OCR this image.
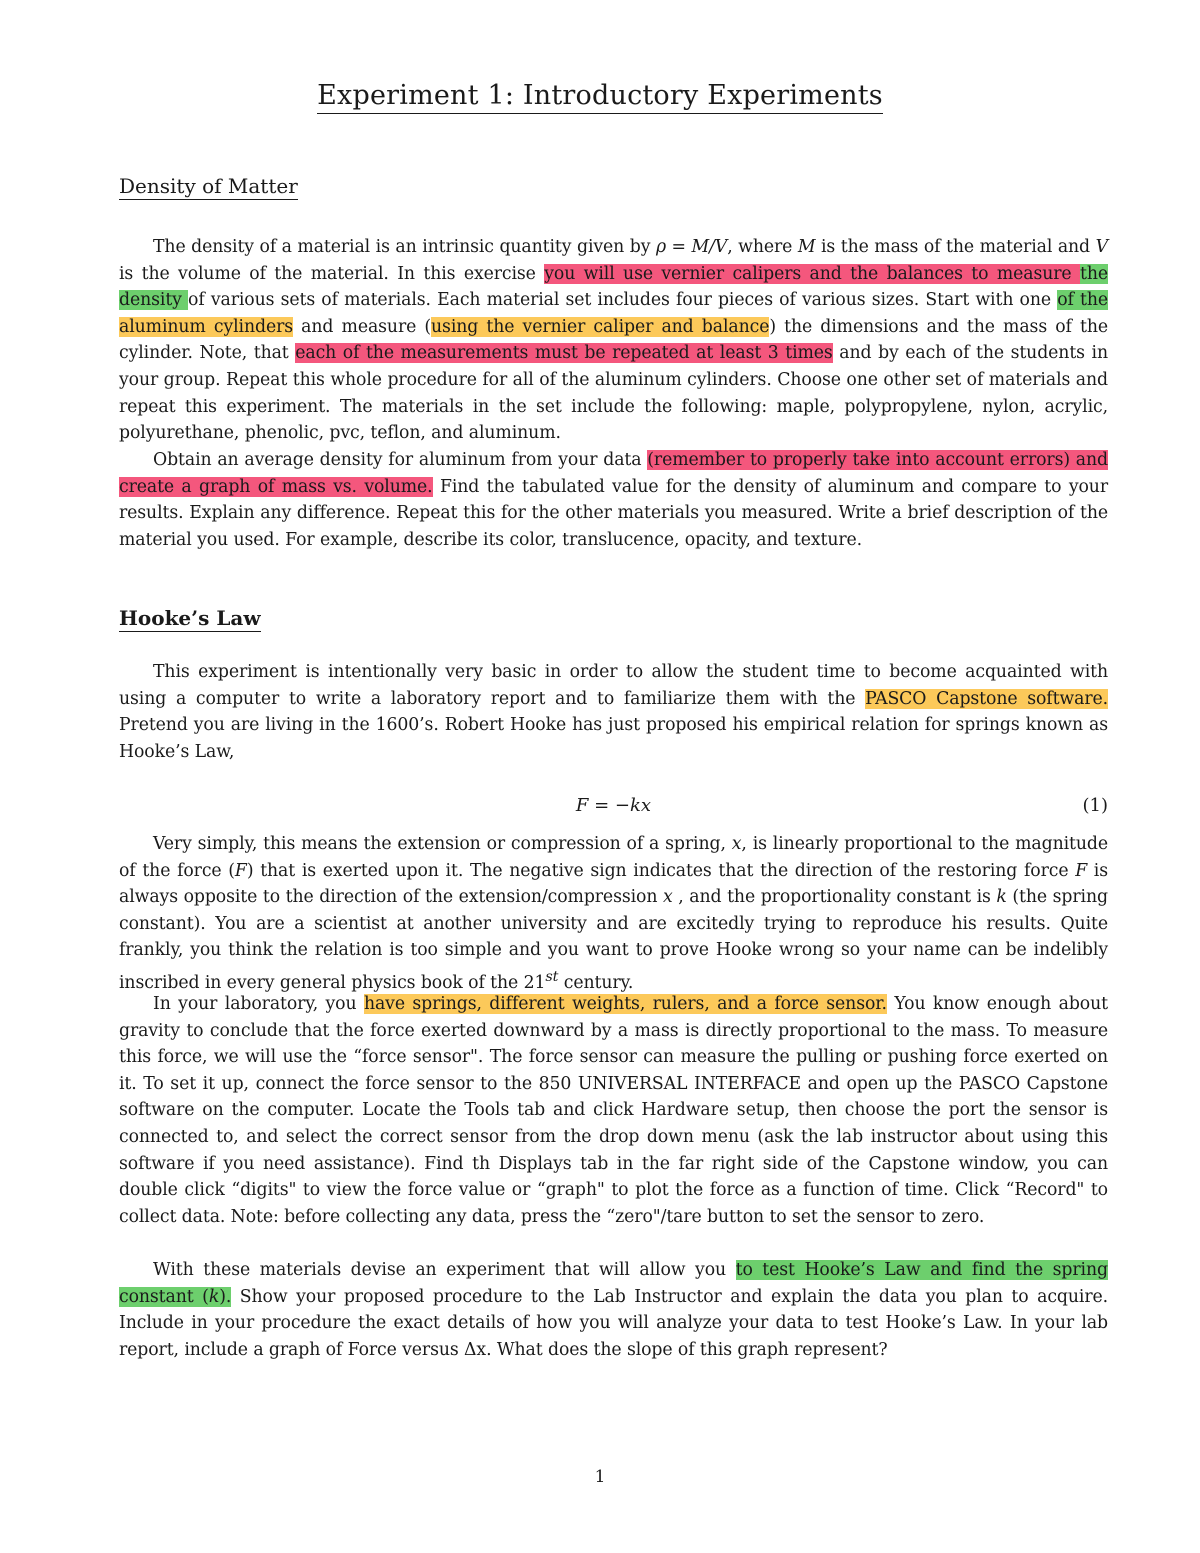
Experiment 1: Introductory Experiments
Density of Matter

The density of a material is an intrinsic quantity given by ρ = M/V, where M is the mass of the material and V is the volume of the material. In this exercise you will use vernier calipers and the balances to measure the density of various sets of materials. Each material set includes four pieces of various sizes. Start with one of the aluminum cylinders and measure (using the vernier caliper and balance) the dimensions and the mass of the cylinder. Note, that each of the measurements must be repeated at least 3 times and by each of the students in your group. Repeat this whole procedure for all of the aluminum cylinders. Choose one other set of materials and repeat this experiment. The materials in the set include the following: maple, polypropylene, nylon, acrylic, polyurethane, phenolic, pvc, teflon, and aluminum.

Obtain an average density for aluminum from your data (remember to properly take into account errors) and create a graph of mass vs. volume. Find the tabulated value for the density of aluminum and compare to your results. Explain any difference. Repeat this for the other materials you measured. Write a brief description of the material you used. For example, describe its color, translucence, opacity, and texture.

Hooke’s Law

This experiment is intentionally very basic in order to allow the student time to become acquainted with using a computer to write a laboratory report and to familiarize them with the PASCO Capstone software. Pretend you are living in the 1600’s. Robert Hooke has just proposed his empirical relation for springs known as Hooke’s Law,

F = −kx	(1)

Very simply, this means the extension or compression of a spring, x, is linearly proportional to the magnitude of the force (F) that is exerted upon it. The negative sign indicates that the direction of the restoring force F is always opposite to the direction of the extension/compression x , and the proportionality constant is k (the spring constant). You are a scientist at another university and are excitedly trying to reproduce his results. Quite frankly, you think the relation is too simple and you want to prove Hooke wrong so your name can be indelibly inscribed in every general physics book of the 21st century.

In your laboratory, you have springs, different weights, rulers, and a force sensor. You know enough about gravity to conclude that the force exerted downward by a mass is directly proportional to the mass. To measure this force, we will use the “force sensor". The force sensor can measure the pulling or pushing force exerted on it. To set it up, connect the force sensor to the 850 UNIVERSAL INTERFACE and open up the PASCO Capstone software on the computer. Locate the Tools tab and click Hardware setup, then choose the port the sensor is connected to, and select the correct sensor from the drop down menu (ask the lab instructor about using this software if you need assistance). Find th Displays tab in the far right side of the Capstone window, you can double click “digits" to view the force value or “graph" to plot the force as a function of time. Click “Record" to collect data. Note: before collecting any data, press the “zero"/tare button to set the sensor to zero.

With these materials devise an experiment that will allow you to test Hooke’s Law and find the spring constant (k). Show your proposed procedure to the Lab Instructor and explain the data you plan to acquire. Include in your procedure the exact details of how you will analyze your data to test Hooke’s Law. In your lab report, include a graph of Force versus Δx. What does the slope of this graph represent?

1
